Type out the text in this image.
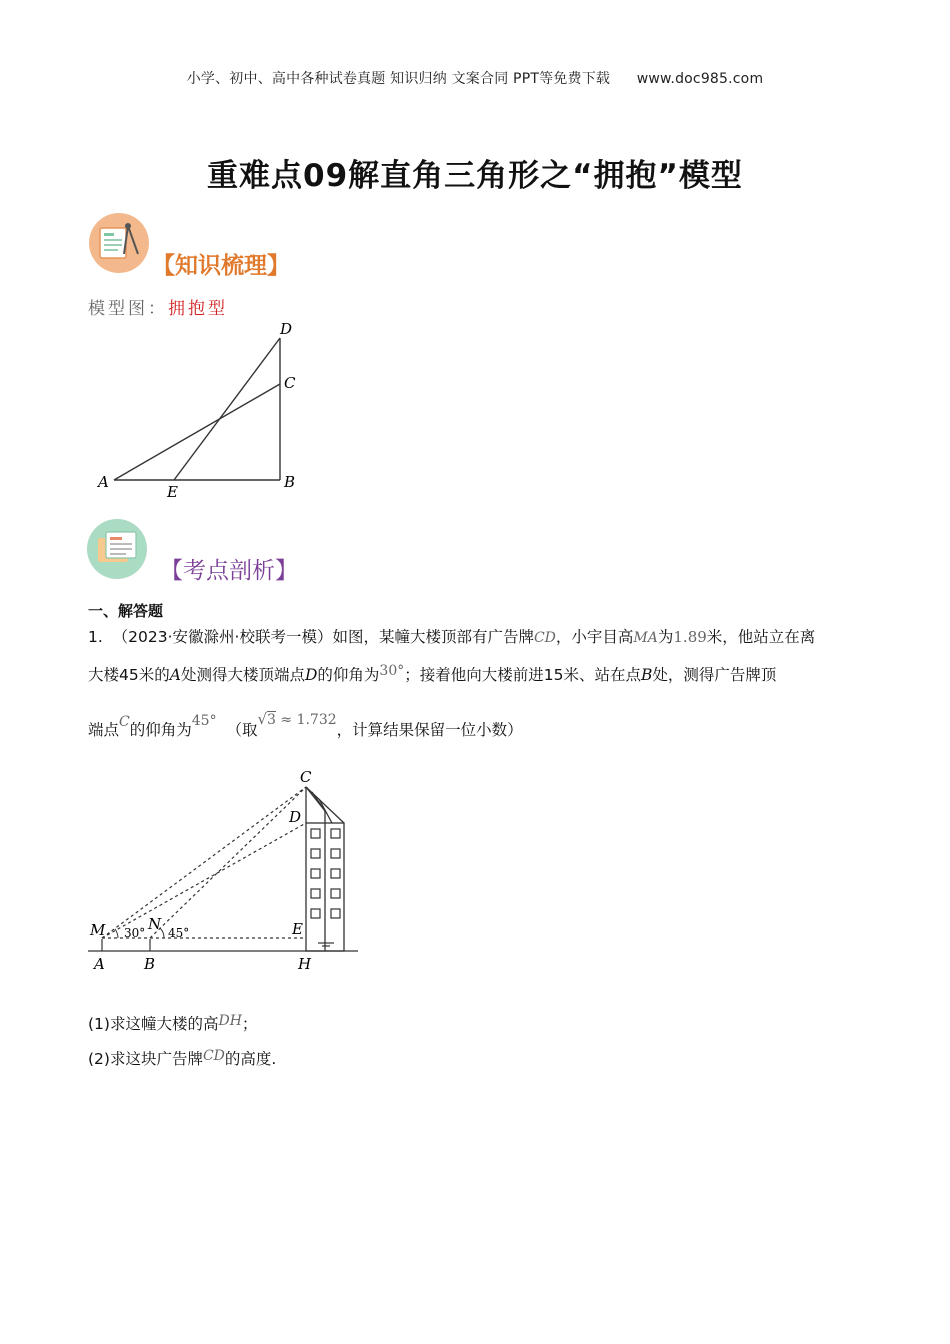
小学、初中、高中各种试卷真题 知识归纳 文案合同 PPT等免费下载 www.doc985.com
重难点09解直角三角形之“拥抱”模型
【知识梳理】
模型图：拥抱型
D
C
A
E
B
【考点剖析】
一、解答题
1. （2023·安徽滁州·校联考一模）如图，某幢大楼顶部有广告牌CD，小宇目高MA为1.89米，他站立在离
大楼45米的A处测得大楼顶端点D的仰角为30°；接着他向大楼前进15米、站在点B处，测得广告牌顶
端点C的仰角为45° （取√3 ≈ 1.732，计算结果保留一位小数）
C
D
M	N	E
A	B	H
30° 45°
(1)求这幢大楼的高DH；
(2)求这块广告牌CD的高度.
